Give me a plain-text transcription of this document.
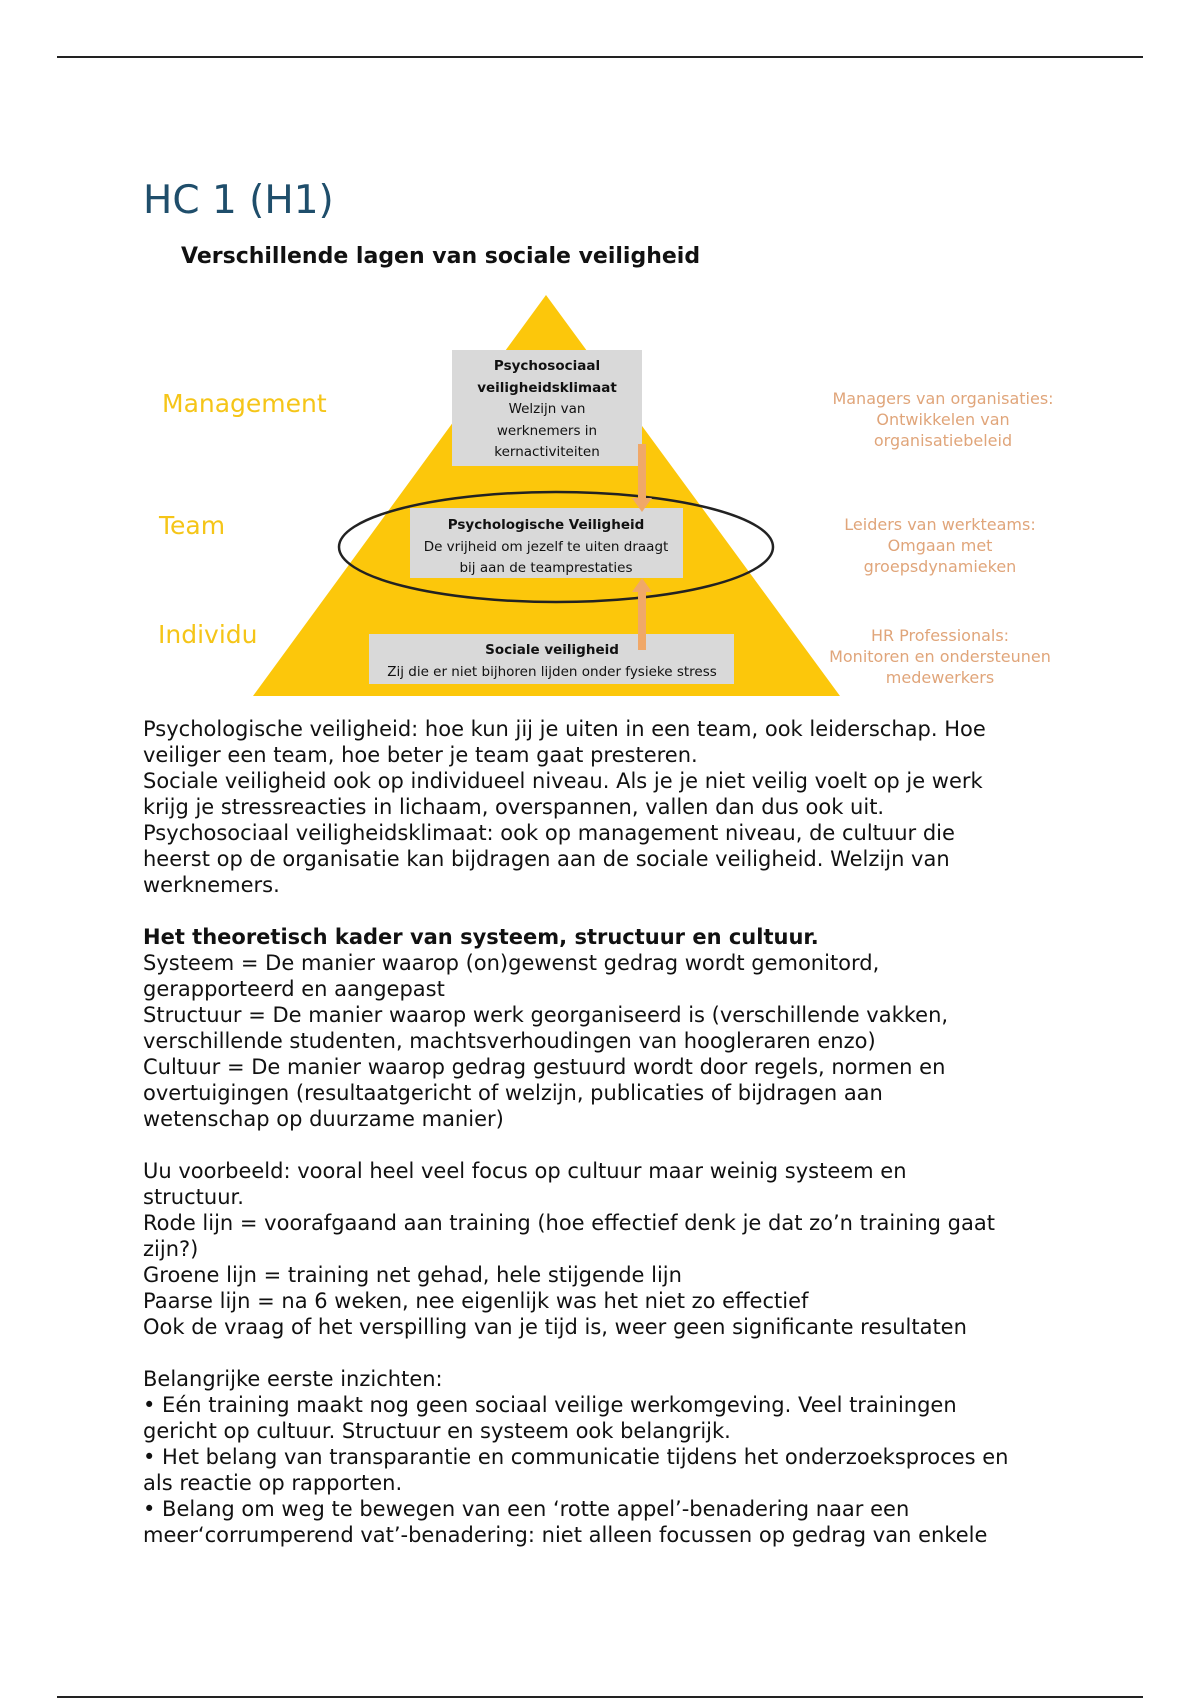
HC 1 (H1)
Verschillende lagen van sociale veiligheid
Management
Team
Individu
Psychosociaal
veiligheidsklimaat
Welzijn van
werknemers in
kernactiviteiten
Psychologische Veiligheid
De vrijheid om jezelf te uiten draagt
bij aan de teamprestaties
Sociale veiligheid
Zij die er niet bijhoren lijden onder fysieke stress
Managers van organisaties:
Ontwikkelen van
organisatiebeleid
Leiders van werkteams:
Omgaan met
groepsdynamieken
HR Professionals:
Monitoren en ondersteunen
medewerkers

Psychologische veiligheid: hoe kun jij je uiten in een team, ook leiderschap. Hoe

veiliger een team, hoe beter je team gaat presteren.

Sociale veiligheid ook op individueel niveau. Als je je niet veilig voelt op je werk

krijg je stressreacties in lichaam, overspannen, vallen dan dus ook uit.

Psychosociaal veiligheidsklimaat: ook op management niveau, de cultuur die

heerst op de organisatie kan bijdragen aan de sociale veiligheid. Welzijn van

werknemers.

Het theoretisch kader van systeem, structuur en cultuur.

Systeem = De manier waarop (on)gewenst gedrag wordt gemonitord,

gerapporteerd en aangepast

Structuur = De manier waarop werk georganiseerd is (verschillende vakken,

verschillende studenten, machtsverhoudingen van hoogleraren enzo)

Cultuur = De manier waarop gedrag gestuurd wordt door regels, normen en

overtuigingen (resultaatgericht of welzijn, publicaties of bijdragen aan

wetenschap op duurzame manier)

Uu voorbeeld: vooral heel veel focus op cultuur maar weinig systeem en

structuur.

Rode lijn = voorafgaand aan training (hoe effectief denk je dat zo’n training gaat

zijn?)

Groene lijn = training net gehad, hele stijgende lijn

Paarse lijn = na 6 weken, nee eigenlijk was het niet zo effectief

Ook de vraag of het verspilling van je tijd is, weer geen significante resultaten

Belangrijke eerste inzichten:

• Eén training maakt nog geen sociaal veilige werkomgeving. Veel trainingen

gericht op cultuur. Structuur en systeem ook belangrijk.

• Het belang van transparantie en communicatie tijdens het onderzoeksproces en

als reactie op rapporten.

• Belang om weg te bewegen van een ‘rotte appel’-benadering naar een

meer‘corrumperend vat’-benadering: niet alleen focussen op gedrag van enkele
